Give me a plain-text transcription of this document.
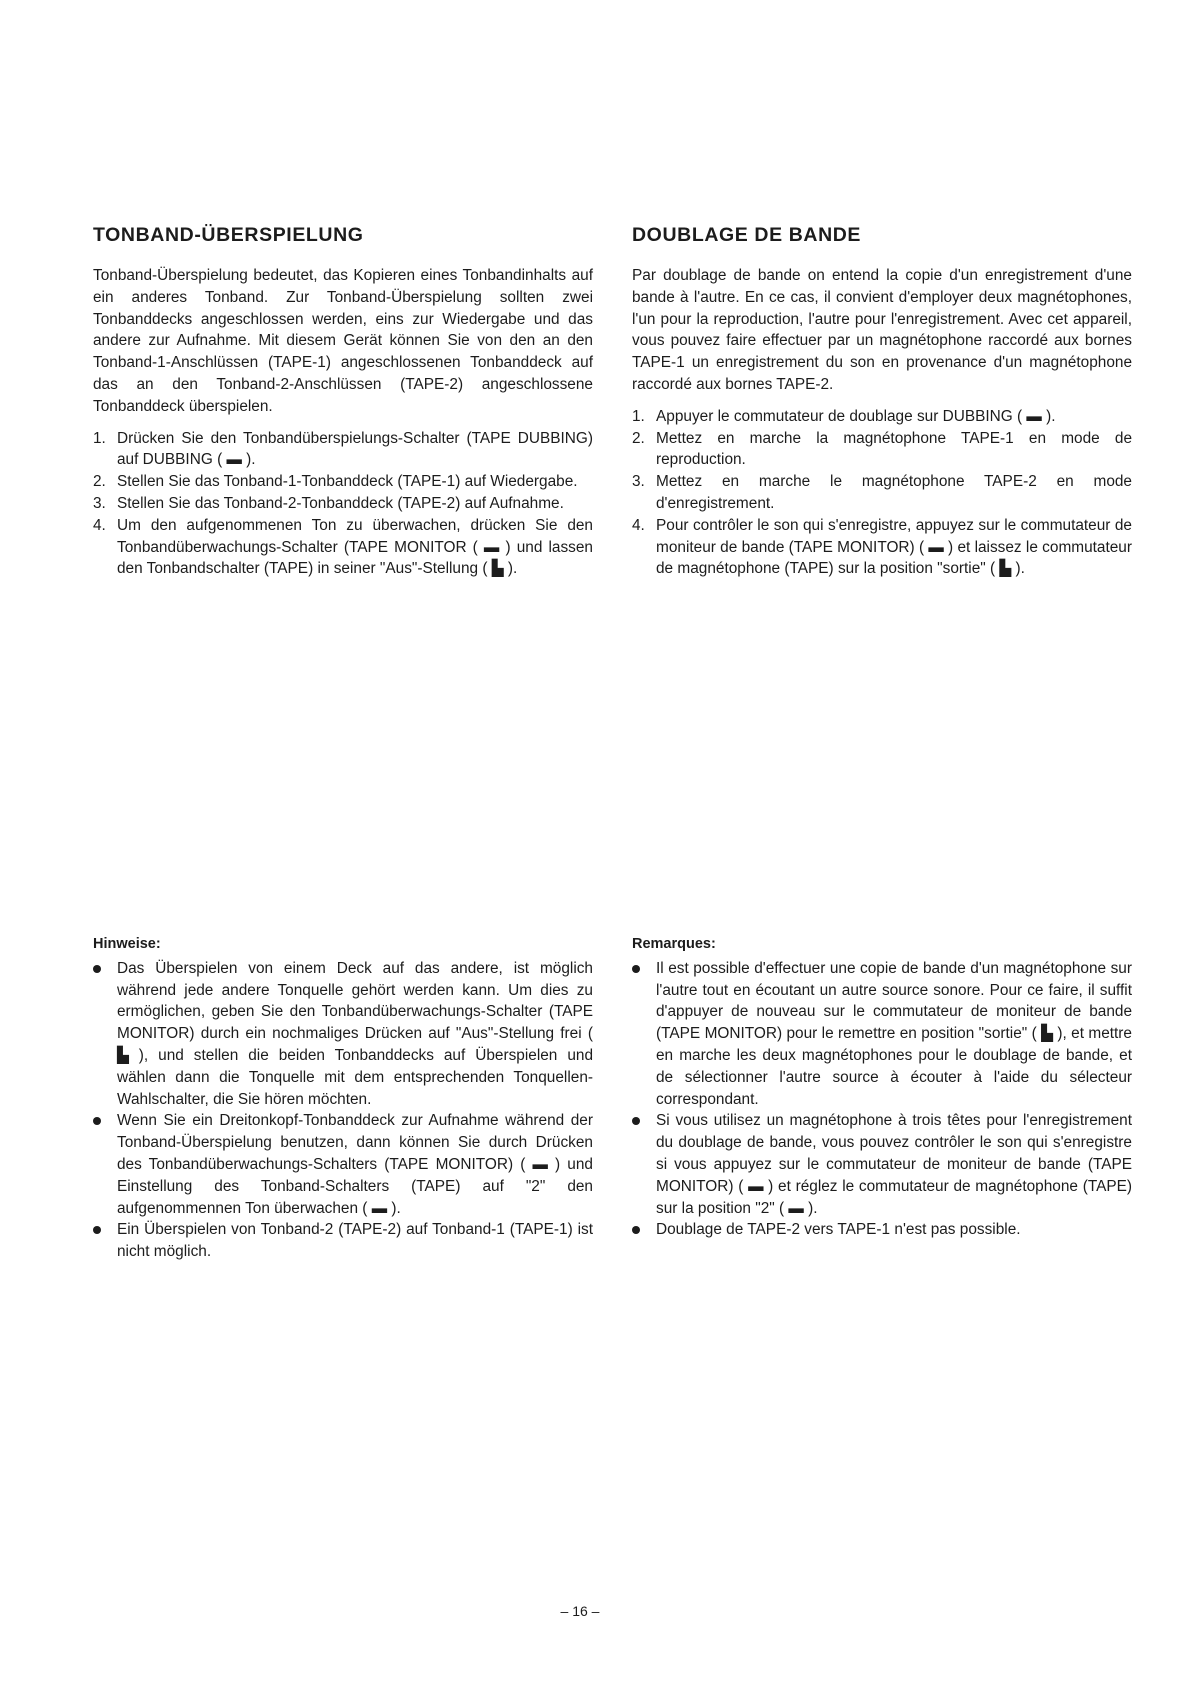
TONBAND-ÜBERSPIELUNG

Tonband-Überspielung bedeutet, das Kopieren eines Tonbandinhalts auf ein anderes Tonband. Zur Tonband-Überspielung sollten zwei Tonbanddecks angeschlossen werden, eins zur Wiedergabe und das andere zur Aufnahme. Mit diesem Gerät können Sie von den an den Tonband-1-Anschlüssen (TAPE-1) angeschlossenen Tonbanddeck auf das an den Tonband-2-Anschlüssen (TAPE-2) angeschlossene Tonbanddeck überspielen.

1. Drücken Sie den Tonbandüberspielungs-Schalter (TAPE DUBBING) auf DUBBING ( ▬ ).
2. Stellen Sie das Tonband-1-Tonbanddeck (TAPE-1) auf Wiedergabe.
3. Stellen Sie das Tonband-2-Tonbanddeck (TAPE-2) auf Aufnahme.
4. Um den aufgenommenen Ton zu überwachen, drücken Sie den Tonbandüberwachungs-Schalter (TAPE MONITOR ( ▬ ) und lassen den Tonbandschalter (TAPE) in seiner "Aus"-Stellung ( ▙ ).
DOUBLAGE DE BANDE

Par doublage de bande on entend la copie d'un enregistrement d'une bande à l'autre. En ce cas, il convient d'employer deux magnétophones, l'un pour la reproduction, l'autre pour l'enregistrement. Avec cet appareil, vous pouvez faire effectuer par un magnétophone raccordé aux bornes TAPE-1 un enregistrement du son en provenance d'un magnétophone raccordé aux bornes TAPE-2.

1. Appuyer le commutateur de doublage sur DUBBING ( ▬ ).
2. Mettez en marche la magnétophone TAPE-1 en mode de reproduction.
3. Mettez en marche le magnétophone TAPE-2 en mode d'enregistrement.
4. Pour contrôler le son qui s'enregistre, appuyez sur le commutateur de moniteur de bande (TAPE MONITOR) ( ▬ ) et laissez le commutateur de magnétophone (TAPE) sur la position "sortie" ( ▙ ).
Hinweise:
Das Überspielen von einem Deck auf das andere, ist möglich während jede andere Tonquelle gehört werden kann. Um dies zu ermöglichen, geben Sie den Tonbandüberwachungs-Schalter (TAPE MONITOR) durch ein nochmaliges Drücken auf "Aus"-Stellung frei ( ▙ ), und stellen die beiden Tonbanddecks auf Überspielen und wählen dann die Tonquelle mit dem entsprechenden Tonquellen-Wahlschalter, die Sie hören möchten.
Wenn Sie ein Dreitonkopf-Tonbanddeck zur Aufnahme während der Tonband-Überspielung benutzen, dann können Sie durch Drücken des Tonbandüberwachungs-Schalters (TAPE MONITOR) ( ▬ ) und Einstellung des Tonband-Schalters (TAPE) auf "2" den aufgenommennen Ton überwachen ( ▬ ).
Ein Überspielen von Tonband-2 (TAPE-2) auf Tonband-1 (TAPE-1) ist nicht möglich.
Remarques:
Il est possible d'effectuer une copie de bande d'un magnétophone sur l'autre tout en écoutant un autre source sonore. Pour ce faire, il suffit d'appuyer de nouveau sur le commutateur de moniteur de bande (TAPE MONITOR) pour le remettre en position "sortie" ( ▙ ), et mettre en marche les deux magnétophones pour le doublage de bande, et de sélectionner l'autre source à écouter à l'aide du sélecteur correspondant.
Si vous utilisez un magnétophone à trois têtes pour l'enregistrement du doublage de bande, vous pouvez contrôler le son qui s'enregistre si vous appuyez sur le commutateur de moniteur de bande (TAPE MONITOR) ( ▬ ) et réglez le commutateur de magnétophone (TAPE) sur la position "2" ( ▬ ).
Doublage de TAPE-2 vers TAPE-1 n'est pas possible.
– 16 –
